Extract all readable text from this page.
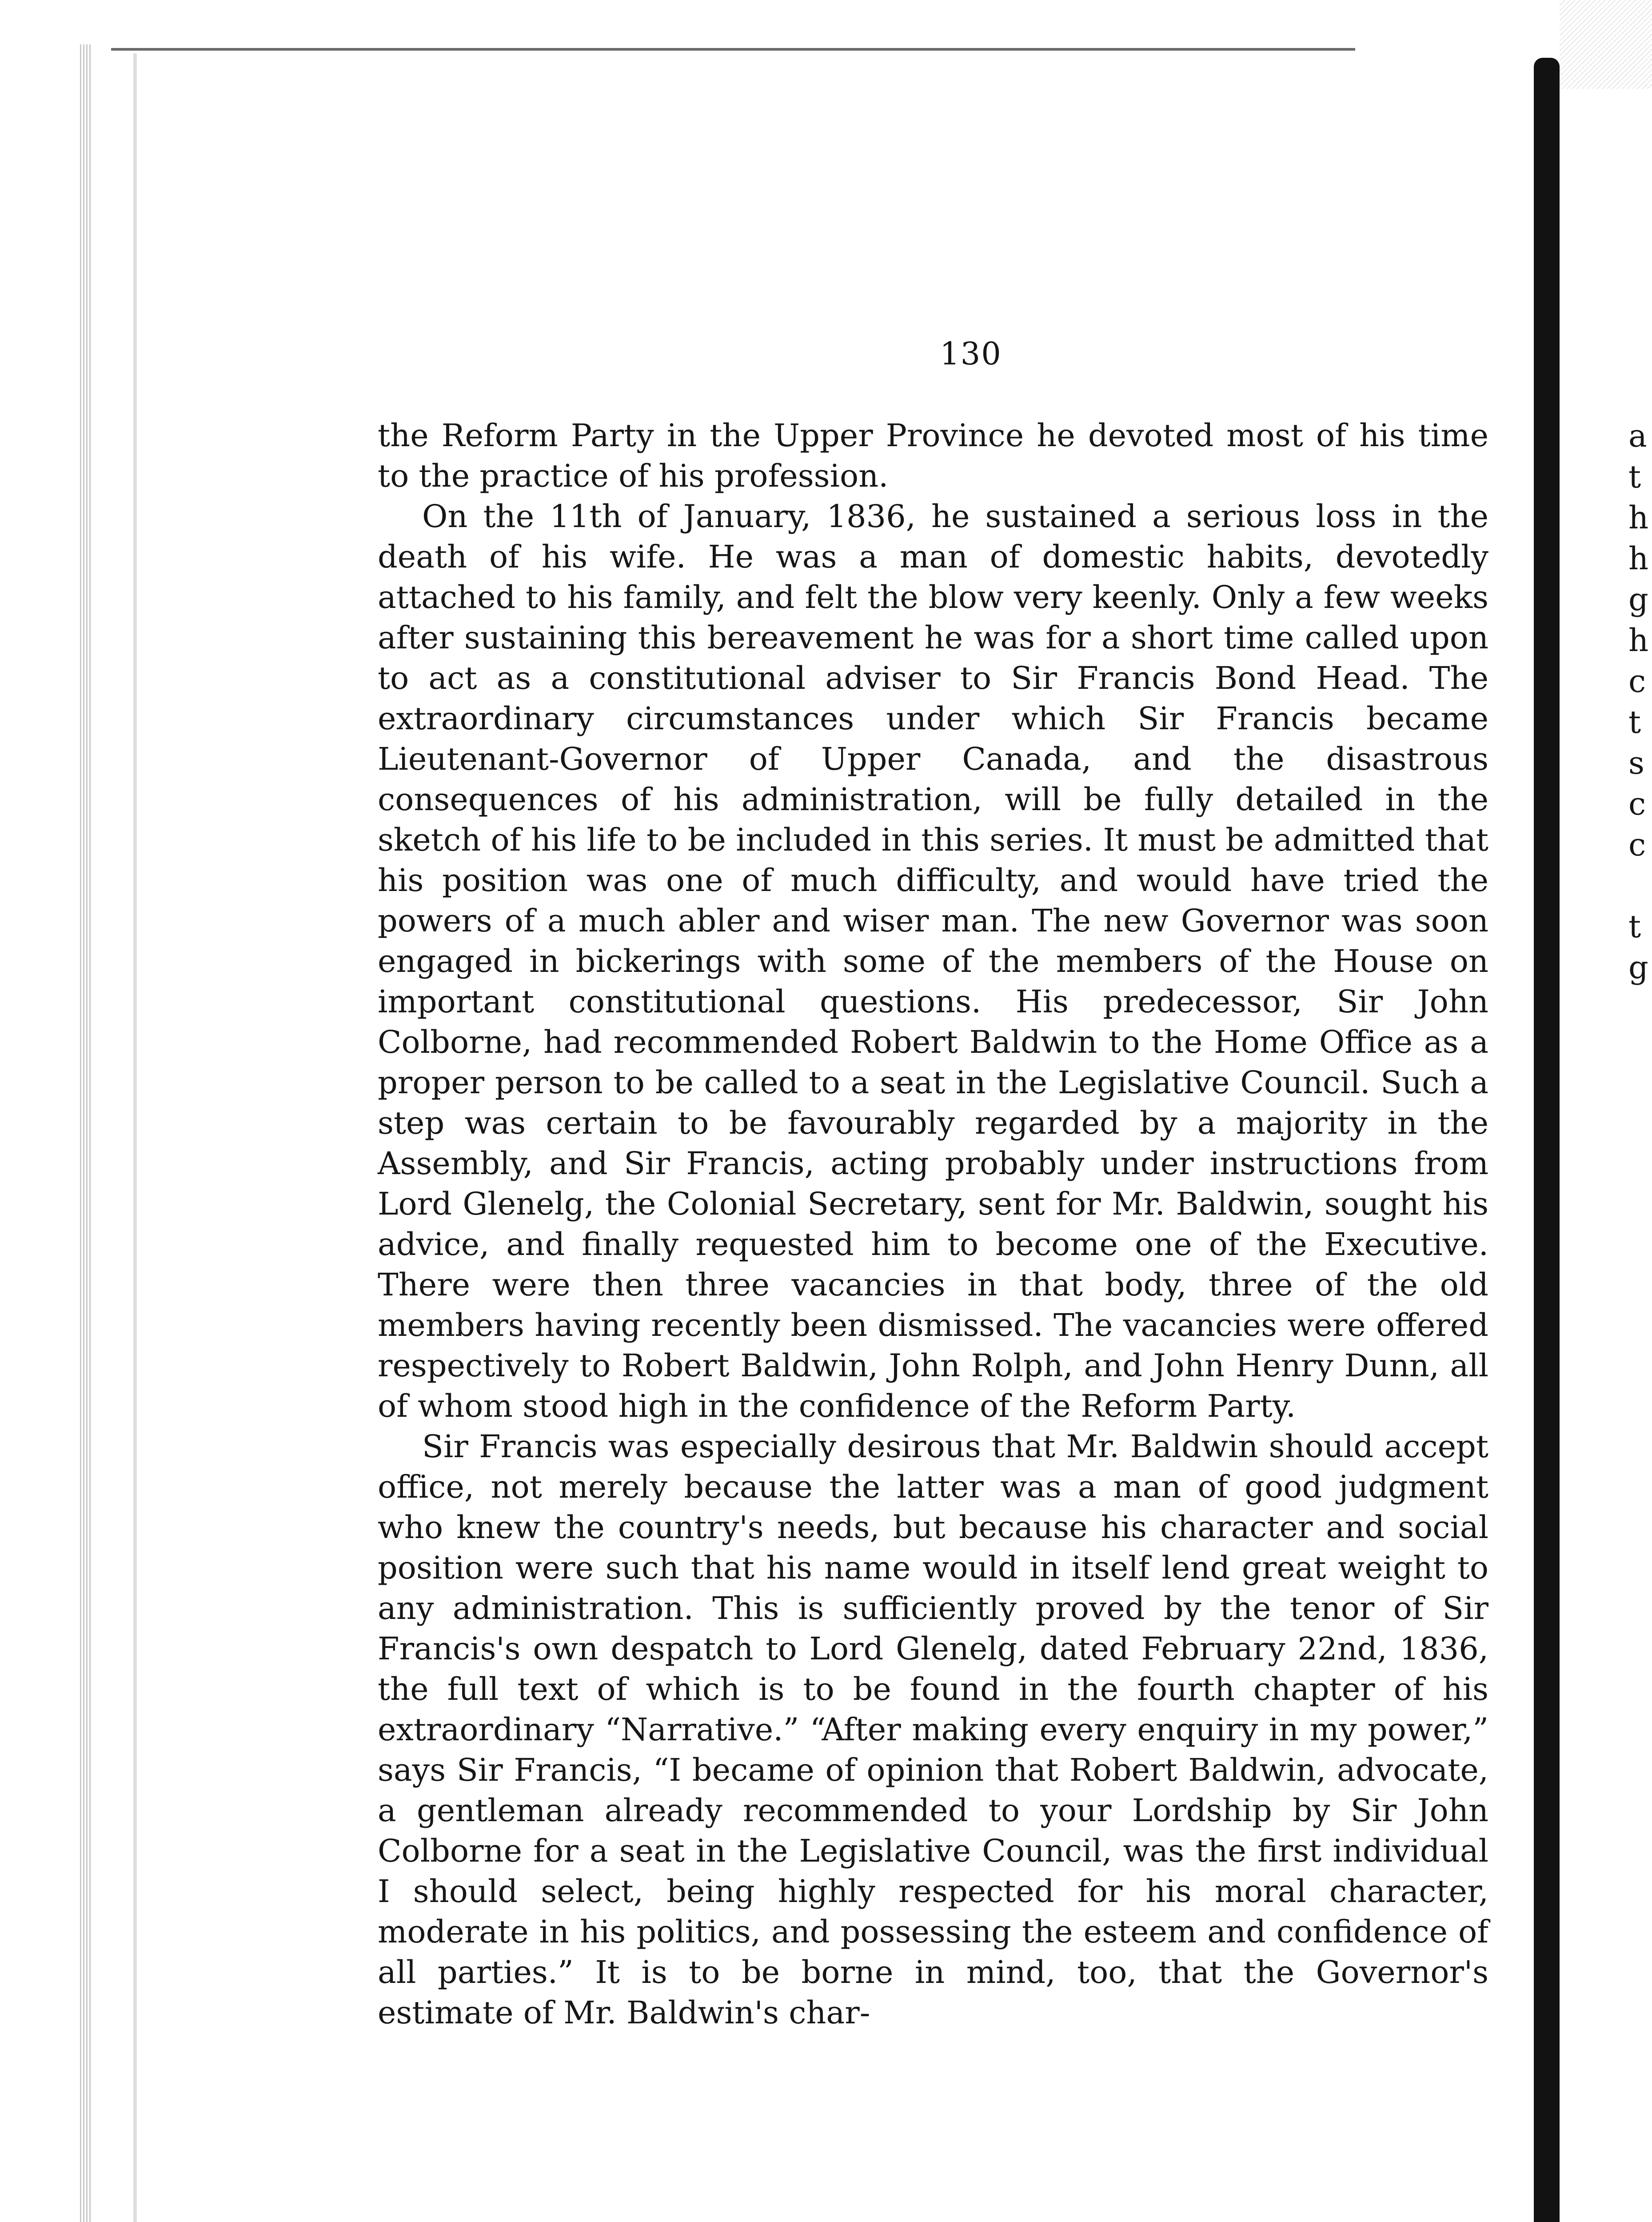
130

the Reform Party in the Upper Province he devoted most of his time to the practice of his profession.

On the 11th of January, 1836, he sustained a serious loss in the death of his wife. He was a man of domestic habits, devotedly attached to his family, and felt the blow very keenly. Only a few weeks after sustaining this bereavement he was for a short time called upon to act as a constitutional adviser to Sir Francis Bond Head. The extraordinary circumstances under which Sir Francis became Lieutenant-Governor of Upper Canada, and the disastrous consequences of his administration, will be fully detailed in the sketch of his life to be included in this series. It must be admitted that his position was one of much difficulty, and would have tried the powers of a much abler and wiser man. The new Governor was soon engaged in bickerings with some of the members of the House on important constitutional questions. His predecessor, Sir John Colborne, had recommended Robert Baldwin to the Home Office as a proper person to be called to a seat in the Legislative Council. Such a step was certain to be favourably regarded by a majority in the Assembly, and Sir Francis, acting probably under instructions from Lord Glenelg, the Colonial Secretary, sent for Mr. Baldwin, sought his advice, and finally requested him to become one of the Executive. There were then three vacancies in that body, three of the old members having recently been dismissed. The vacancies were offered respectively to Robert Baldwin, John Rolph, and John Henry Dunn, all of whom stood high in the confidence of the Reform Party.

Sir Francis was especially desirous that Mr. Baldwin should accept office, not merely because the latter was a man of good judgment who knew the country's needs, but because his character and social position were such that his name would in itself lend great weight to any administration. This is sufficiently proved by the tenor of Sir Francis's own despatch to Lord Glenelg, dated February 22nd, 1836, the full text of which is to be found in the fourth chapter of his extraordinary “Narrative.” “After making every enquiry in my power,” says Sir Francis, “I became of opinion that Robert Baldwin, advocate, a gentleman already recommended to your Lordship by Sir John Colborne for a seat in the Legislative Council, was the first individual I should select, being highly respected for his moral character, moderate in his politics, and possessing the esteem and confidence of all parties.” It is to be borne in mind, too, that the Governor's estimate of Mr. Baldwin's char-

a
t
h
h
g
h
c
t
s
c
c
t
g
